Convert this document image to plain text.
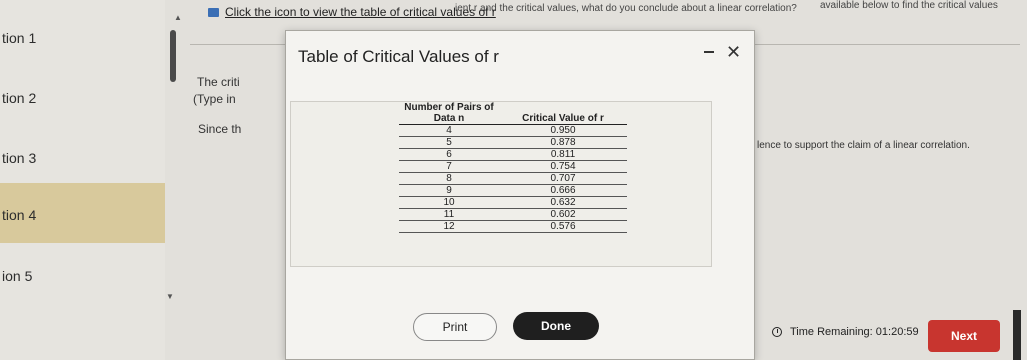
tion 1
tion 2
tion 3
tion 4
ion 5
▲
▼
ient r and the critical values, what do you conclude about a linear correlation?	available below to find the critical values
Click the icon to view the table of critical values of r
The criti
(Type in
Since th
lence to support the claim of a linear correlation.
Table of Critical Values of r	✕
Number of Pairs of Data n	Critical Value of r
4	0.950
5	0.878
6	0.811
7	0.754
8	0.707
9	0.666
10	0.632
11	0.602
12	0.576
Print	Done	Time Remaining: 01:20:59	Next
